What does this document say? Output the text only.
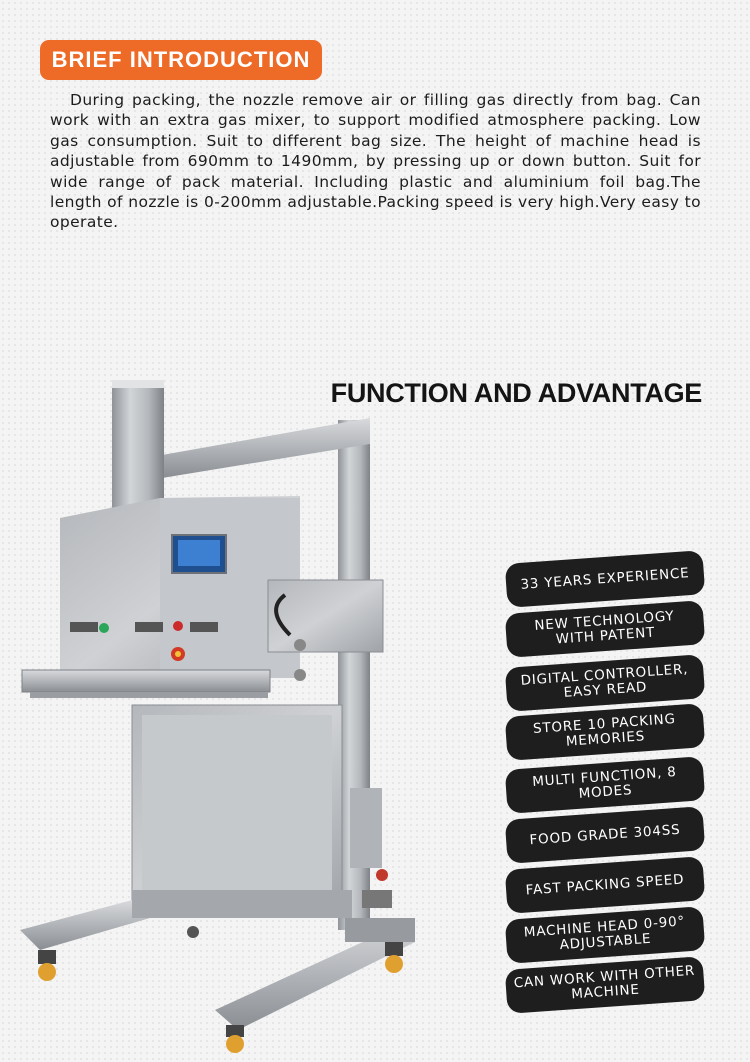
BRIEF INTRODUCTION

During packing, the nozzle remove air or filling gas directly from bag. Can work with an extra gas mixer, to support modified atmosphere packing. Low gas consumption. Suit to different bag size. The height of machine head is adjustable from 690mm to 1490mm, by pressing up or down button. Suit for wide range of pack material. Including plastic and aluminium foil bag.The length of nozzle is 0-200mm adjustable.Packing speed is very high.Very easy to operate.

FUNCTION AND ADVANTAGE
33 YEARS EXPERIENCE
NEW TECHNOLOGY WITH PATENT
DIGITAL CONTROLLER, EASY READ
STORE 10 PACKING MEMORIES
MULTI FUNCTION, 8 MODES
FOOD GRADE 304SS
FAST PACKING SPEED
MACHINE HEAD 0-90° ADJUSTABLE
CAN WORK WITH OTHER MACHINE
